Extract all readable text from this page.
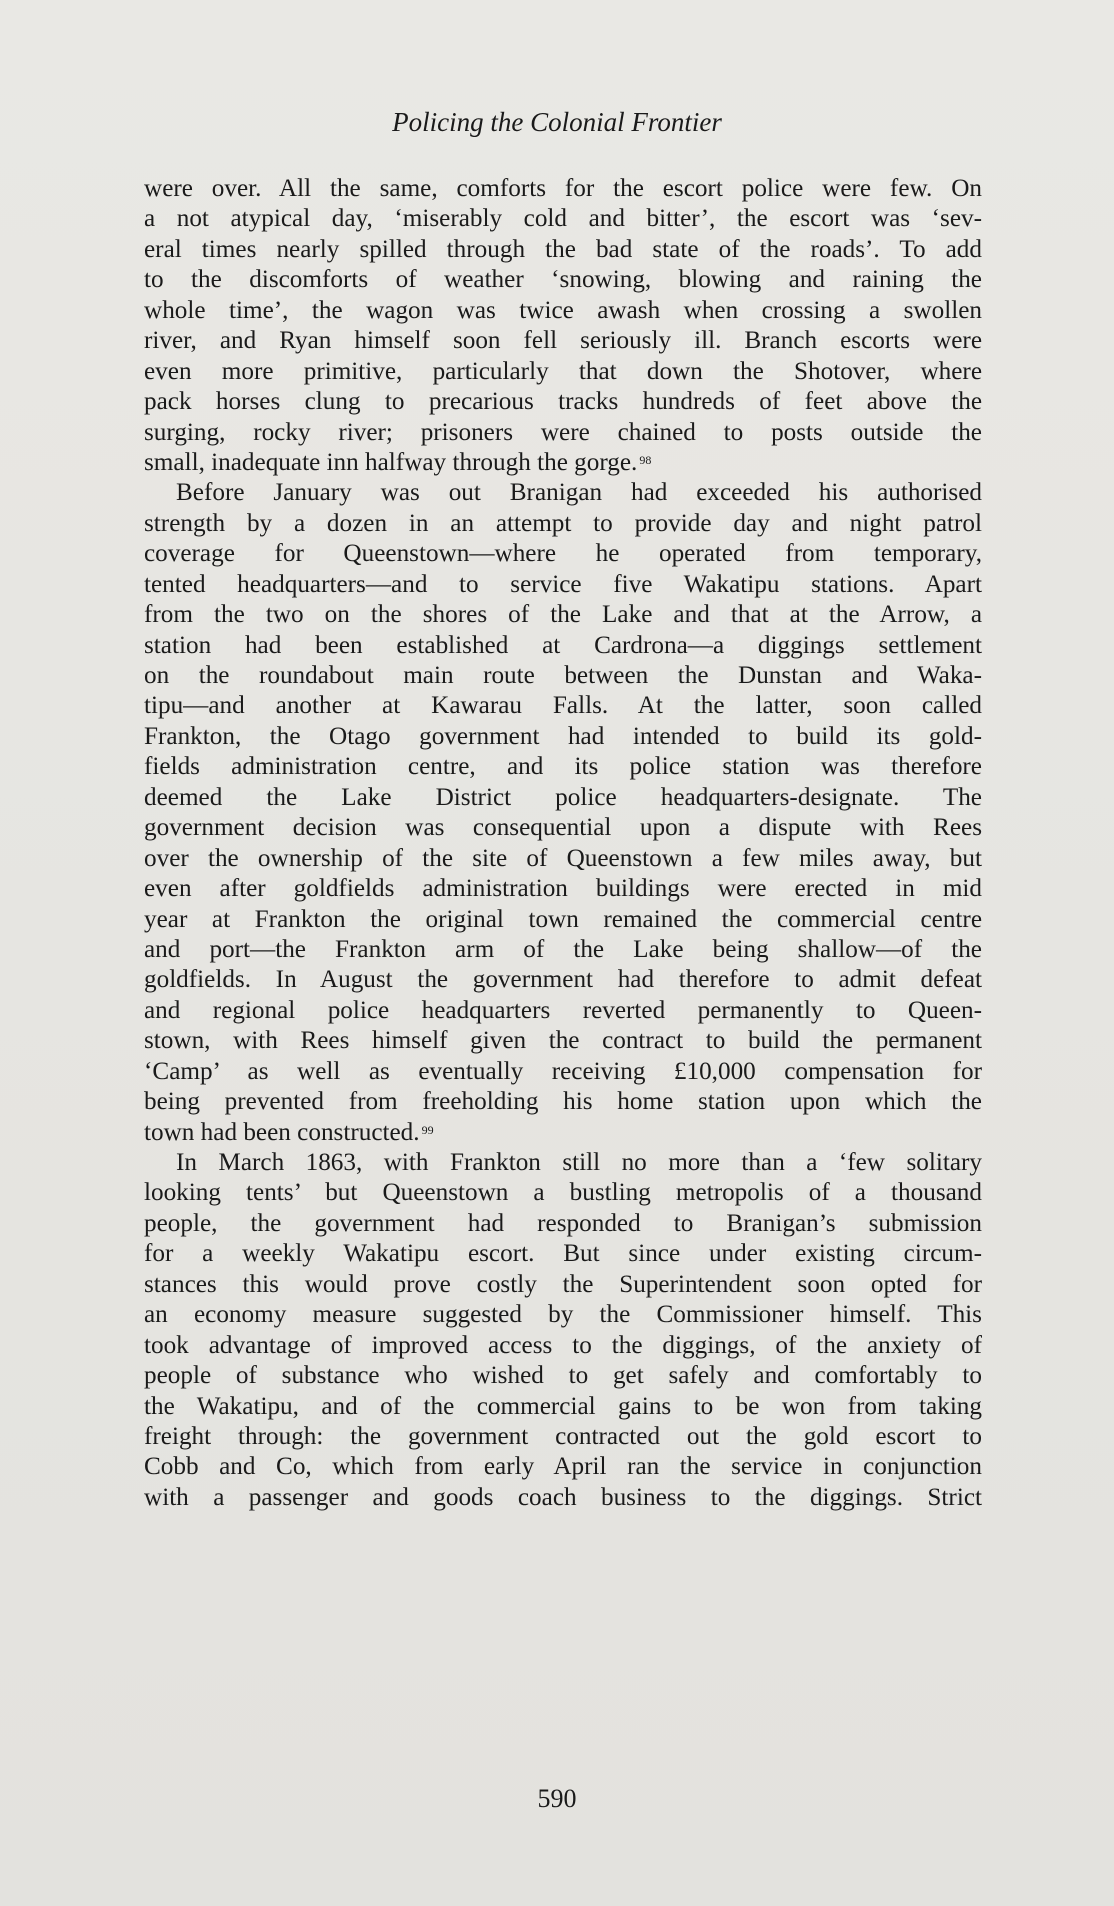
Policing the Colonial Frontier
were over. All the same, comforts for the escort police were few. On
a not atypical day, ‘miserably cold and bitter’, the escort was ‘sev-
eral times nearly spilled through the bad state of the roads’. To add
to the discomforts of weather ‘snowing, blowing and raining the
whole time’, the wagon was twice awash when crossing a swollen
river, and Ryan himself soon fell seriously ill. Branch escorts were
even more primitive, particularly that down the Shotover, where
pack horses clung to precarious tracks hundreds of feet above the
surging, rocky river; prisoners were chained to posts outside the
small, inadequate inn halfway through the gorge. $^{98}$
Before January was out Branigan had exceeded his authorised
strength by a dozen in an attempt to provide day and night patrol
coverage for Queenstown—where he operated from temporary,
tented headquarters—and to service five Wakatipu stations. Apart
from the two on the shores of the Lake and that at the Arrow, a
station had been established at Cardrona—a diggings settlement
on the roundabout main route between the Dunstan and Waka-
tipu—and another at Kawarau Falls. At the latter, soon called
Frankton, the Otago government had intended to build its gold-
fields administration centre, and its police station was therefore
deemed the Lake District police headquarters-designate. The
government decision was consequential upon a dispute with Rees
over the ownership of the site of Queenstown a few miles away, but
even after goldfields administration buildings were erected in mid
year at Frankton the original town remained the commercial centre
and port—the Frankton arm of the Lake being shallow—of the
goldfields. In August the government had therefore to admit defeat
and regional police headquarters reverted permanently to Queen-
stown, with Rees himself given the contract to build the permanent
‘Camp’ as well as eventually receiving £10,000 compensation for
being prevented from freeholding his home station upon which the
town had been constructed. $^{99}$
In March 1863, with Frankton still no more than a ‘few solitary
looking tents’ but Queenstown a bustling metropolis of a thousand
people, the government had responded to Branigan’s submission
for a weekly Wakatipu escort. But since under existing circum-
stances this would prove costly the Superintendent soon opted for
an economy measure suggested by the Commissioner himself. This
took advantage of improved access to the diggings, of the anxiety of
people of substance who wished to get safely and comfortably to
the Wakatipu, and of the commercial gains to be won from taking
freight through: the government contracted out the gold escort to
Cobb and Co, which from early April ran the service in conjunction
with a passenger and goods coach business to the diggings. Strict
590
